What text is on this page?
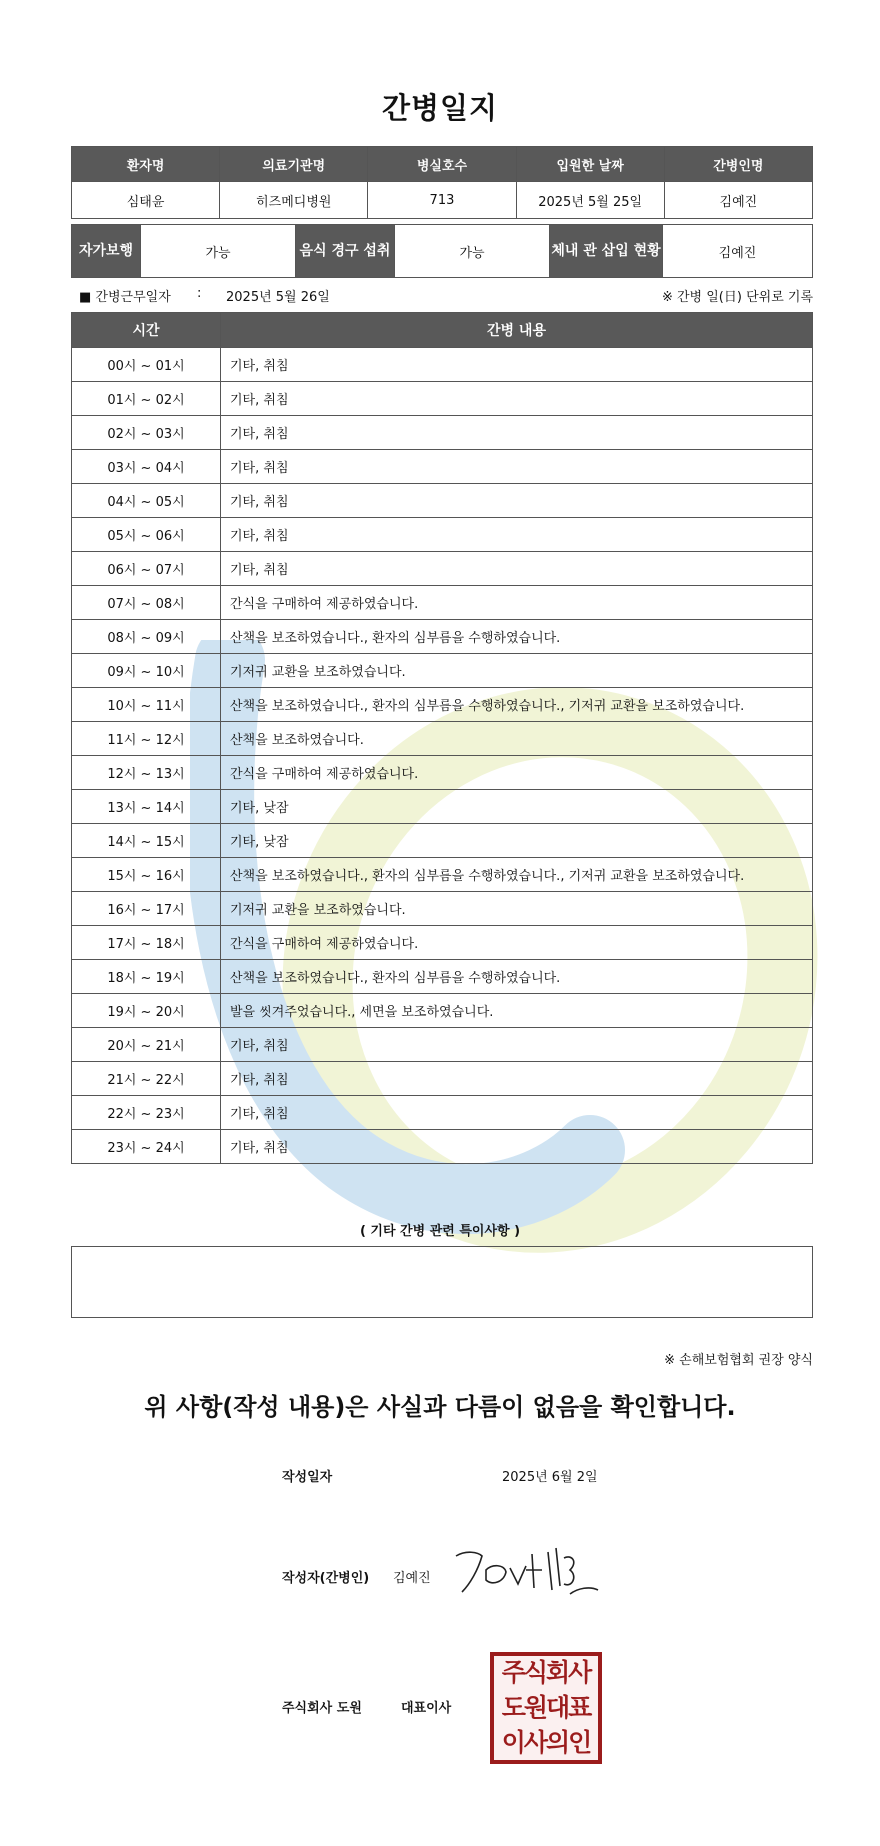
간병일지
환자명	의료기관명	병실호수	입원한 날짜	간병인명
심태윤	히즈메디병원	713	2025년 5월 25일	김예진
자가보행	가능	음식 경구 섭취	가능	체내 관 삽입 현황	김예진
■ 간병근무일자 : 2025년 5월 26일	※ 간병 일(日) 단위로 기록
시간	간병 내용
00시 ~ 01시	기타, 취침
01시 ~ 02시	기타, 취침
02시 ~ 03시	기타, 취침
03시 ~ 04시	기타, 취침
04시 ~ 05시	기타, 취침
05시 ~ 06시	기타, 취침
06시 ~ 07시	기타, 취침
07시 ~ 08시	간식을 구매하여 제공하였습니다.
08시 ~ 09시	산책을 보조하였습니다., 환자의 심부름을 수행하였습니다.
09시 ~ 10시	기저귀 교환을 보조하였습니다.
10시 ~ 11시	산책을 보조하였습니다., 환자의 심부름을 수행하였습니다., 기저귀 교환을 보조하였습니다.
11시 ~ 12시	산책을 보조하였습니다.
12시 ~ 13시	간식을 구매하여 제공하였습니다.
13시 ~ 14시	기타, 낮잠
14시 ~ 15시	기타, 낮잠
15시 ~ 16시	산책을 보조하였습니다., 환자의 심부름을 수행하였습니다., 기저귀 교환을 보조하였습니다.
16시 ~ 17시	기저귀 교환을 보조하였습니다.
17시 ~ 18시	간식을 구매하여 제공하였습니다.
18시 ~ 19시	산책을 보조하였습니다., 환자의 심부름을 수행하였습니다.
19시 ~ 20시	발을 씻겨주었습니다., 세면을 보조하였습니다.
20시 ~ 21시	기타, 취침
21시 ~ 22시	기타, 취침
22시 ~ 23시	기타, 취침
23시 ~ 24시	기타, 취침
( 기타 간병 관련 특이사항 )
※ 손해보험협회 권장 양식
위 사항(작성 내용)은 사실과 다름이 없음을 확인합니다.
작성일자	2025년 6월 2일
작성자(간병인) 김예진
주식회사 도원	대표이사
주식회사
도원대표
이사의인
